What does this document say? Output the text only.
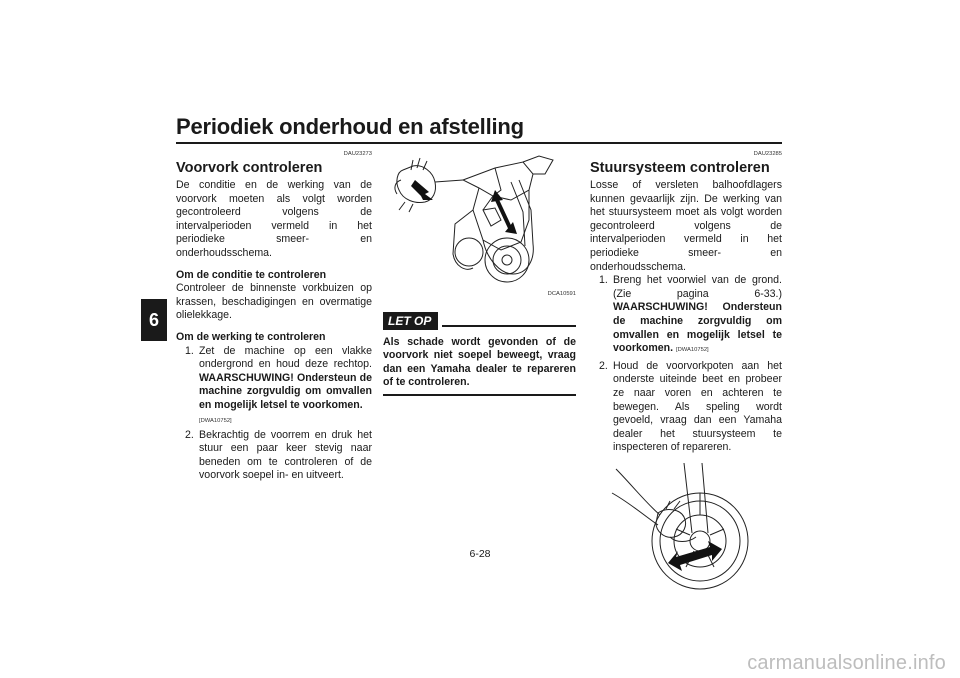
Periodiek onderhoud en afstelling
6
DAU23273
Voorvork controleren

De conditie en de werking van de voorvork moeten als volgt worden gecontroleerd volgens de intervalperioden vermeld in het periodieke smeer- en onderhoudsschema.

Om de conditie te controleren

Controleer de binnenste vorkbuizen op krassen, beschadigingen en overmatige olielekkage.

Om de werking te controleren

1. Zet de machine op een vlakke ondergrond en houd deze rechtop. WAARSCHUWING! Ondersteun de machine zorgvuldig om omvallen en mogelijk letsel te voorkomen.
[DWA10752]
2. Bekrachtig de voorrem en druk het stuur een paar keer stevig naar beneden om te controleren of de voorvork soepel in- en uitveert.
DCA10591
LET OP

Als schade wordt gevonden of de voorvork niet soepel beweegt, vraag dan een Yamaha dealer te repareren of te controleren.

DAU23285
Stuursysteem controleren

Losse of versleten balhoofdlagers kunnen gevaarlijk zijn. De werking van het stuursysteem moet als volgt worden gecontroleerd volgens de intervalperioden vermeld in het periodieke smeer- en onderhoudsschema.

1. Breng het voorwiel van de grond. (Zie pagina 6-33.) WAARSCHUWING! Ondersteun de machine zorgvuldig om omvallen en mogelijk letsel te voorkomen. [DWA10752]
2. Houd de voorvorkpoten aan het onderste uiteinde beet en probeer ze naar voren en achteren te bewegen. Als speling wordt gevoeld, vraag dan een Yamaha dealer het stuursysteem te inspecteren of repareren.
6-28
carmanualsonline.info
